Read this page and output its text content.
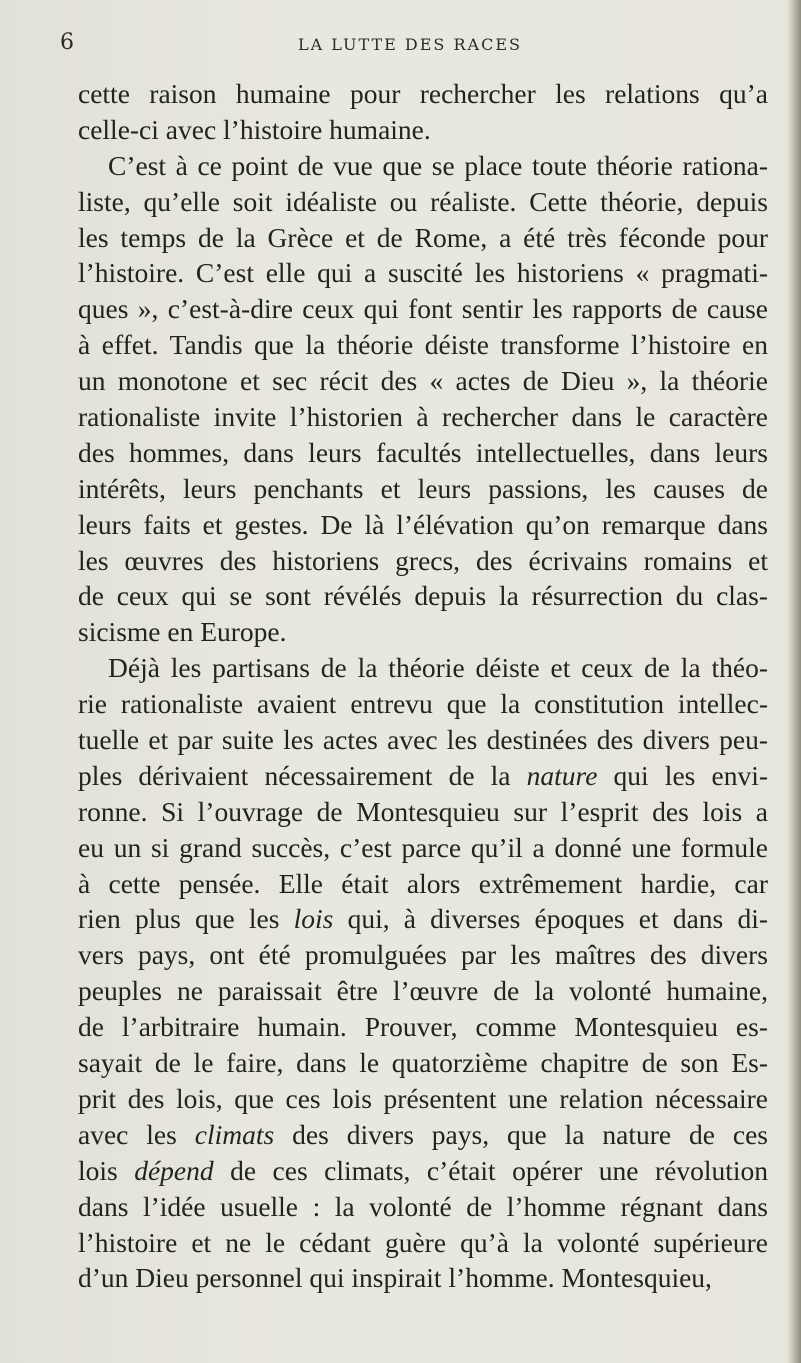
6	LA LUTTE DES RACES
cette raison humaine pour rechercher les relations qu’a
celle-ci avec l’histoire humaine.
C’est à ce point de vue que se place toute théorie rationa-
liste, qu’elle soit idéaliste ou réaliste. Cette théorie, depuis
les temps de la Grèce et de Rome, a été très féconde pour
l’histoire. C’est elle qui a suscité les historiens « pragmati-
ques », c’est-à-dire ceux qui font sentir les rapports de cause
à effet. Tandis que la théorie déiste transforme l’histoire en
un monotone et sec récit des « actes de Dieu », la théorie
rationaliste invite l’historien à rechercher dans le caractère
des hommes, dans leurs facultés intellectuelles, dans leurs
intérêts, leurs penchants et leurs passions, les causes de
leurs faits et gestes. De là l’élévation qu’on remarque dans
les œuvres des historiens grecs, des écrivains romains et
de ceux qui se sont révélés depuis la résurrection du clas-
sicisme en Europe.
Déjà les partisans de la théorie déiste et ceux de la théo-
rie rationaliste avaient entrevu que la constitution intellec-
tuelle et par suite les actes avec les destinées des divers peu-
ples dérivaient nécessairement de la nature qui les envi-
ronne. Si l’ouvrage de Montesquieu sur l’esprit des lois a
eu un si grand succès, c’est parce qu’il a donné une formule
à cette pensée. Elle était alors extrêmement hardie, car
rien plus que les lois qui, à diverses époques et dans di-
vers pays, ont été promulguées par les maîtres des divers
peuples ne paraissait être l’œuvre de la volonté humaine,
de l’arbitraire humain. Prouver, comme Montesquieu es-
sayait de le faire, dans le quatorzième chapitre de son Es-
prit des lois, que ces lois présentent une relation nécessaire
avec les climats des divers pays, que la nature de ces
lois dépend de ces climats, c’était opérer une révolution
dans l’idée usuelle : la volonté de l’homme régnant dans
l’histoire et ne le cédant guère qu’à la volonté supérieure
d’un Dieu personnel qui inspirait l’homme. Montesquieu,
